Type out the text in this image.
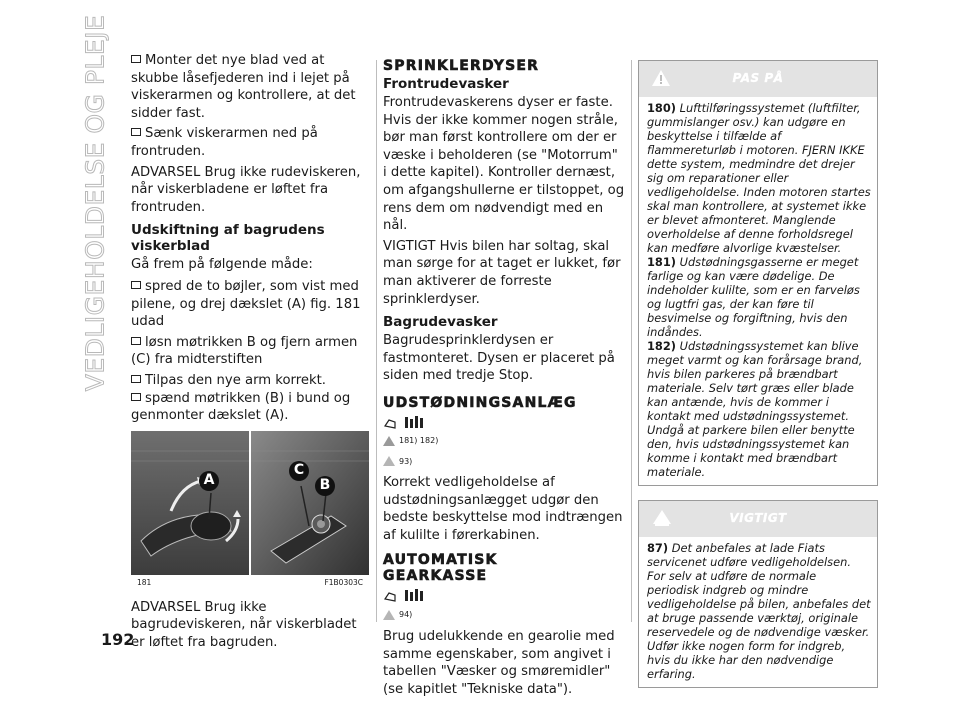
VEDLIGEHOLDELSE OG PLEJE
192

Monter det nye blad ved at skubbe låsefjederen ind i lejet på viskerarmen og kontrollere, at det sidder fast.

Sænk viskerarmen ned på frontruden.

ADVARSEL Brug ikke rudeviskeren, når viskerbladene er løftet fra frontruden.

Udskiftning af bagrudens viskerblad

Gå frem på følgende måde:

spred de to bøjler, som vist med pilene, og drej dækslet (A) fig. 181 udad

løsn møtrikken B og fjern armen (C) fra midterstiften

Tilpas den nye arm korrekt.

spænd møtrikken (B) i bund og genmonter dækslet (A).

A
C
B
181	F1B0303C

ADVARSEL Brug ikke bagrudeviskeren, når viskerbladet er løftet fra bagruden.

SPRINKLERDYSER
Frontrudevasker

Frontrudevaskerens dyser er faste. Hvis der ikke kommer nogen stråle, bør man først kontrollere om der er væske i beholderen (se "Motorrum" i dette kapitel). Kontroller dernæst, om afgangshullerne er tilstoppet, og rens dem om nødvendigt med en nål.

VIGTIGT Hvis bilen har soltag, skal man sørge for at taget er lukket, før man aktiverer de forreste sprinklerdyser.

Bagrudevasker

Bagrudesprinklerdysen er fastmonteret. Dysen er placeret på siden med tredje Stop.

UDSTØDNINGSANLÆG
181) 182)
93)

Korrekt vedligeholdelse af udstødningsanlægget udgør den bedste beskyttelse mod indtrængen af kulilte i førerkabinen.

AUTOMATISK GEARKASSE
94)

Brug udelukkende en gearolie med samme egenskaber, som angivet i tabellen "Væsker og smøremidler" (se kapitlet "Tekniske data").

PAS PÅ

180) Lufttilføringssystemet (luftfilter, gummislanger osv.) kan udgøre en beskyttelse i tilfælde af flammereturløb i motoren. FJERN IKKE dette system, medmindre det drejer sig om reparationer eller vedligeholdelse. Inden motoren startes skal man kontrollere, at systemet ikke er blevet afmonteret. Manglende overholdelse af denne forholdsregel kan medføre alvorlige kvæstelser.

181) Udstødningsgasserne er meget farlige og kan være dødelige. De indeholder kulilte, som er en farveløs og lugtfri gas, der kan føre til besvimelse og forgiftning, hvis den indåndes.

182) Udstødningssystemet kan blive meget varmt og kan forårsage brand, hvis bilen parkeres på brændbart materiale. Selv tørt græs eller blade kan antænde, hvis de kommer i kontakt med udstødningssystemet. Undgå at parkere bilen eller benytte den, hvis udstødningssystemet kan komme i kontakt med brændbart materiale.

VIGTIGT

87) Det anbefales at lade Fiats servicenet udføre vedligeholdelsen. For selv at udføre de normale periodisk indgreb og mindre vedligeholdelse på bilen, anbefales det at bruge passende værktøj, originale reservedele og de nødvendige væsker. Udfør ikke nogen form for indgreb, hvis du ikke har den nødvendige erfaring.
